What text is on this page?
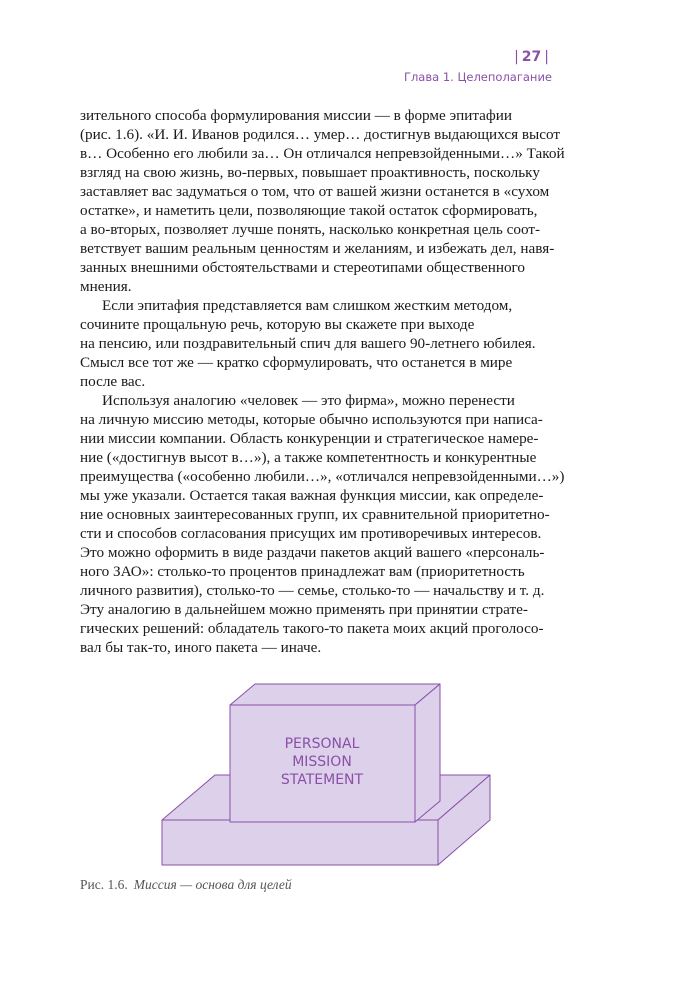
| 27 |
Глава 1. Целеполагание

зительного способа формулирования миссии — в форме эпитафии
(рис. 1.6). «И. И. Иванов родился… умер… достигнув выдающихся высот
в… Особенно его любили за… Он отличался непревзойденными…» Такой
взгляд на свою жизнь, во-первых, повышает проактивность, поскольку
заставляет вас задуматься о том, что от вашей жизни останется в «сухом
остатке», и наметить цели, позволяющие такой остаток сформировать,
а во-вторых, позволяет лучше понять, насколько конкретная цель соот-
ветствует вашим реальным ценностям и желаниям, и избежать дел, навя-
занных внешними обстоятельствами и стереотипами общественного
мнения.

Если эпитафия представляется вам слишком жестким методом,
сочините прощальную речь, которую вы скажете при выходе
на пенсию, или поздравительный спич для вашего 90-летнего юбилея.
Смысл все тот же — кратко сформулировать, что останется в мире
после вас.

Используя аналогию «человек — это фирма», можно перенести
на личную миссию методы, которые обычно используются при написа-
нии миссии компании. Область конкуренции и стратегическое намере-
ние («достигнув высот в…»), а также компетентность и конкурентные
преимущества («особенно любили…», «отличался непревзойденными…»)
мы уже указали. Остается такая важная функция миссии, как определе-
ние основных заинтересованных групп, их сравнительной приоритетно-
сти и способов согласования присущих им противоречивых интересов.
Это можно оформить в виде раздачи пакетов акций вашего «персональ-
ного ЗАО»: столько-то процентов принадлежат вам (приоритетность
личного развития), столько-то — семье, столько-то — начальству и т. д.
Эту аналогию в дальнейшем можно применять при принятии страте-
гических решений: обладатель такого-то пакета моих акций проголосо-
вал бы так-то, иного пакета — иначе.

PERSONAL
MISSION
STATEMENT
Рис. 1.6. Миссия — основа для целей
